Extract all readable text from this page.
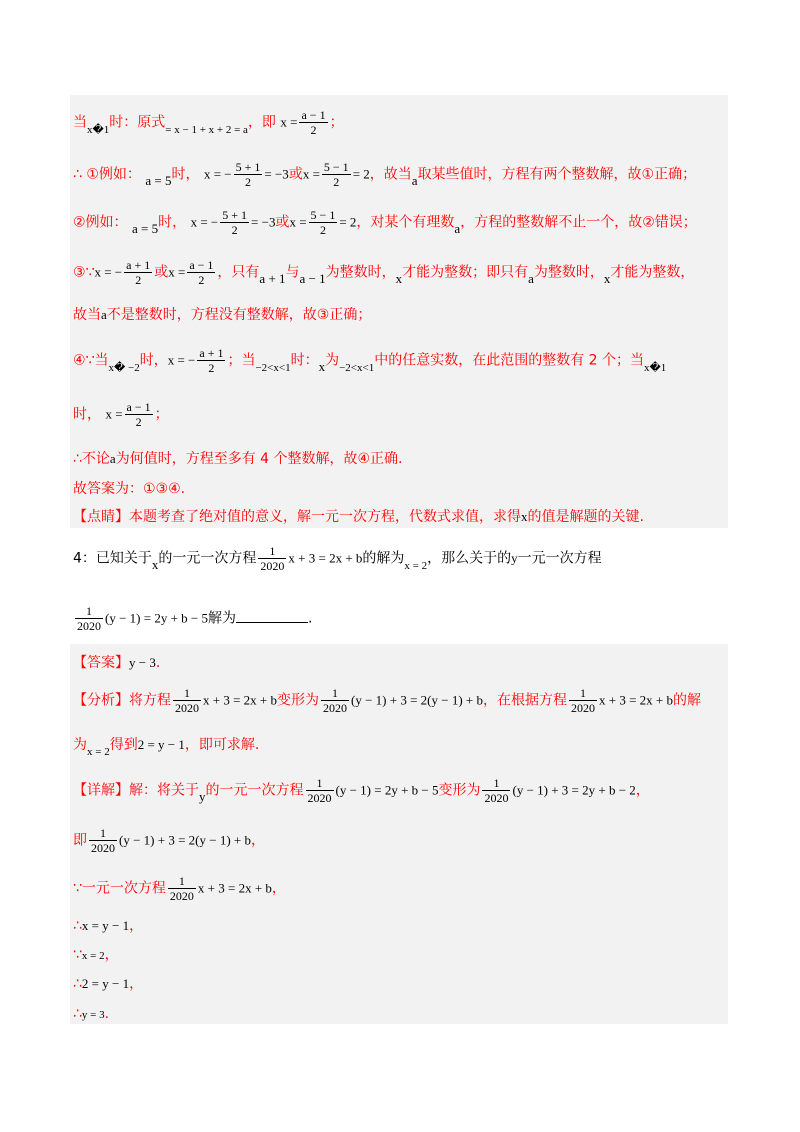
当$_{x�1}$时：原式$_{= x - 1 + x + 2 = a}$，即 $x = \frac{a - 1}{2}$ ；
∴ ①例如： a = 5时， x = − $\frac{5 + 1}{2} = -3$或$x = \frac{5 - 1}{2} = 2$，故当a取某些值时，方程有两个整数解，故①正确；
②例如： a = 5时， x = − $\frac{5 + 1}{2} = -3$或$x = \frac{5 - 1}{2} = 2$，对某个有理数a，方程的整数解不止一个，故②错误；
③∵x = − $\frac{a + 1}{2}$ 或$x = \frac{a - 1}{2}$ ，只有a + 1与a − 1为整数时，x才能为整数；即只有a为整数时，x才能为整数，
故当a不是整数时，方程没有整数解，故③正确；
④∵当$_{x� -2}$时，x = − $\frac{a + 1}{2}$ ；当$_{-2<x<1}$时：x为$_{-2<x<1}$中的任意实数，在此范围的整数有 2 个；当$_{x�1}$
时， $x = \frac{a - 1}{2}$ ；
∴不论a为何值时，方程至多有 4 个整数解，故④正确.
故答案为：①③④.
【点睛】本题考查了绝对值的意义，解一元一次方程，代数式求值，求得x的值是解题的关键.
4：已知关于x的一元一次方程 $\frac{1}{2020}$ x + 3 = 2x + b的解为$_{x = 2}$，那么关于的y一元一次方程
$\frac{1}{2020} (y - 1) = 2y + b - 5$解为	.
【答案】y − 3.
【分析】将方程 $\frac{1}{2020}$ x + 3 = 2x + b变形为 $\frac{1}{2020} (y - 1) + 3 = 2(y - 1) + b$，在根据方程 $\frac{1}{2020}$ x + 3 = 2x + b的解
为$_{x = 2}$得到2 = y − 1，即可求解.
【详解】解：将关于y的一元一次方程 $\frac{1}{2020} (y - 1) = 2y + b - 5$变形为 $\frac{1}{2020} (y - 1) + 3 = 2y + b - 2$，
即 $\frac{1}{2020} (y - 1) + 3 = 2(y - 1) + b$，
∵一元一次方程 $\frac{1}{2020}$ x + 3 = 2x + b，
∴x = y − 1，
∵x = 2，
∴2 = y − 1，
∴y = 3.
